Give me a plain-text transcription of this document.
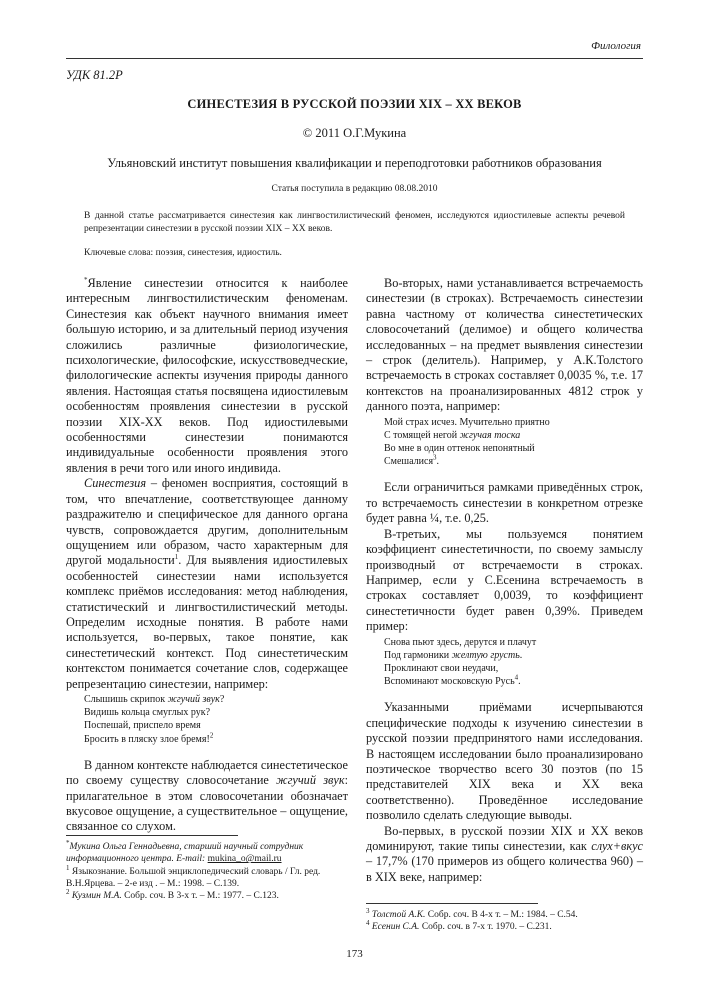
Филология
УДК 81.2Р
СИНЕСТЕЗИЯ В РУССКОЙ ПОЭЗИИ XIX – XX ВЕКОВ
© 2011 О.Г.Мукина
Ульяновский институт повышения квалификации и переподготовки работников образования
Статья поступила в редакцию 08.08.2010
В данной статье рассматривается синестезия как лингвостилистический феномен, исследуются идиостилевые аспекты речевой репрезентации синестезии в русской поэзии XIX – XX веков.
Ключевые слова: поэзия, синестезия, идиостиль.

*Явление синестезии относится к наиболее интересным лингвостилистическим феноменам. Синестезия как объект научного внимания имеет большую историю, и за длительный период изучения сложились различные физиологические, психологические, философские, искусствоведческие, филологические аспекты изучения природы данного явления. Настоящая статья посвящена идиостилевым особенностям проявления синестезии в русской поэзии XIX-XX веков. Под идиостилевыми особенностями синестезии понимаются индивидуальные особенности проявления этого явления в речи того или иного индивида.

Синестезия – феномен восприятия, состоящий в том, что впечатление, соответствующее данному раздражителю и специфическое для данного органа чувств, сопровождается другим, дополнительным ощущением или образом, часто характерным для другой модальности$^1$. Для выявления идиостилевых особенностей синестезии нами используется комплекс приёмов исследования: метод наблюдения, статистический и лингвостилистический методы. Определим исходные понятия. В работе нами используется, во-первых, такое понятие, как синестетический контекст. Под синестетическим контекстом понимается сочетание слов, содержащее репрезентацию синестезии, например:

Слышишь скрипок жгучий звук?
Видишь кольца смуглых рук?
Поспешай, приспело время
Бросить в пляску злое бремя!$^2$

В данном контексте наблюдается синестетическое по своему существу словосочетание жгучий звук: прилагательное в этом словосочетании обозначает вкусовое ощущение, а существительное – ощущение, связанное со слухом.

Во-вторых, нами устанавливается встречаемость синестезии (в строках). Встречаемость синестезии равна частному от количества синестетических словосочетаний (делимое) и общего количества исследованных – на предмет выявления синестезии – строк (делитель). Например, у А.К.Толстого встречаемость в строках составляет 0,0035 %, т.е. 17 контекстов на проанализированных 4812 строк у данного поэта, например:

Мой страх исчез. Мучительно приятно
С томящей негой жгучая тоска
Во мне в один оттенок непонятный
Смешалися$^3$.

Если ограничиться рамками приведённых строк, то встречаемость синестезии в конкретном отрезке будет равна ¼, т.е. 0,25.

В-третьих, мы пользуемся понятием коэффициент синестетичности, по своему замыслу производный от встречаемости в строках. Например, если у С.Есенина встречаемость в строках составляет 0,0039, то коэффициент синестетичности будет равен 0,39%. Приведем пример:

Снова пьют здесь, дерутся и плачут
Под гармоники желтую грусть.
Проклинают свои неудачи,
Вспоминают московскую Русь$^4$.

Указанными приёмами исчерпываются специфические подходы к изучению синестезии в русской поэзии предпринятого нами исследования. В настоящем исследовании было проанализировано поэтическое творчество всего 30 поэтов (по 15 представителей XIX века и XX века соответственно). Проведённое исследование позволило сделать следующие выводы.

Во-первых, в русской поэзии XIX и XX веков доминируют, такие типы синестезии, как слух+вкус – 17,7% (170 примеров из общего количества 960) – в XIX веке, например:

*Мукина Ольга Геннадьевна, старший научный сотрудник информационного центра. E-mail: mukina_o@mail.ru
$^1$ Языкознание. Большой энциклопедический словарь / Гл. ред. В.Н.Ярцева. – 2-е изд . – М.: 1998. – С.139.
$^2$ Кузмин М.А. Собр. соч. В 3-х т. – М.: 1977. – С.123.
$^3$ Толстой А.К. Собр. соч. В 4-х т. – М.: 1984. – С.54.
$^4$ Есенин С.А. Собр. соч. в 7-х т. 1970. – С.231.
173
